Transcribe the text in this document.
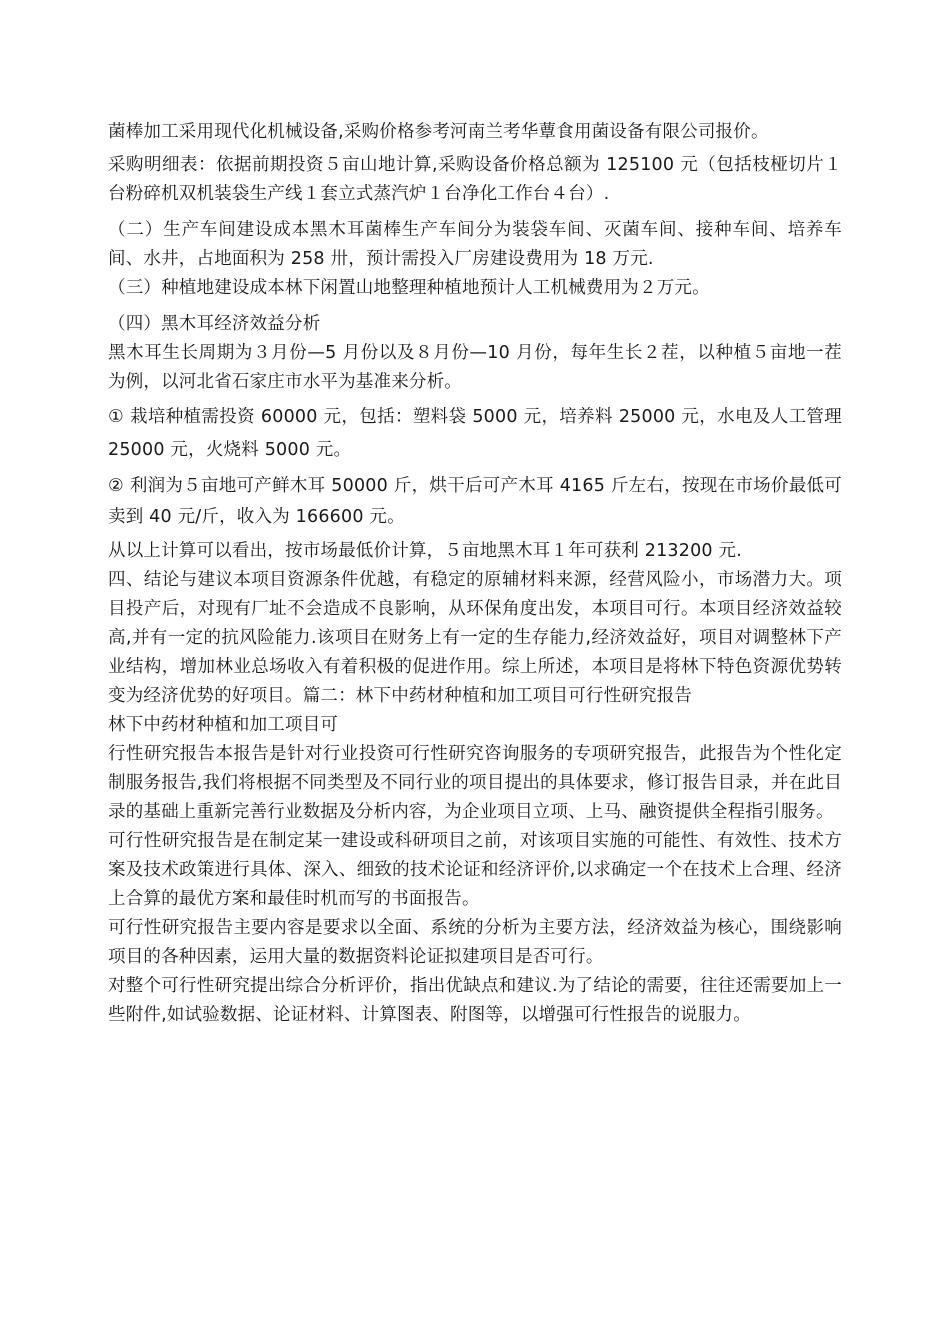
菌棒加工采用现代化机械设备,采购价格参考河南兰考华蕈食用菌设备有限公司报价。

采购明细表：依据前期投资５亩山地计算,采购设备价格总额为 125100 元（包括枝桠切片１台粉碎机双机装袋生产线１套立式蒸汽炉１台净化工作台４台）.

（二）生产车间建设成本黑木耳菌棒生产车间分为装袋车间、灭菌车间、接种车间、培养车间、水井，占地面积为 258 卅，预计需投入厂房建设费用为 18 万元.

（三）种植地建设成本林下闲置山地整理种植地预计人工机械费用为２万元。

（四）黑木耳经济效益分析

黑木耳生长周期为３月份—5 月份以及８月份—10 月份，每年生长２茬，以种植５亩地一茬为例，以河北省石家庄市水平为基准来分析。

① 栽培种植需投资 60000 元，包括：塑料袋 5000 元，培养料 25000 元，水电及人工管理 25000 元，火烧料 5000 元。

② 利润为５亩地可产鲜木耳 50000 斤，烘干后可产木耳 4165 斤左右，按现在市场价最低可卖到 40 元/斤，收入为 166600 元。

从以上计算可以看出，按市场最低价计算，５亩地黑木耳１年可获利 213200 元.

四、结论与建议本项目资源条件优越，有稳定的原辅材料来源，经营风险小，市场潜力大。项目投产后，对现有厂址不会造成不良影响，从环保角度出发，本项目可行。本项目经济效益较高,并有一定的抗风险能力.该项目在财务上有一定的生存能力,经济效益好，项目对调整林下产业结构，增加林业总场收入有着积极的促进作用。综上所述，本项目是将林下特色资源优势转变为经济优势的好项目。篇二：林下中药材种植和加工项目可行性研究报告

林下中药材种植和加工项目可

行性研究报告本报告是针对行业投资可行性研究咨询服务的专项研究报告，此报告为个性化定制服务报告,我们将根据不同类型及不同行业的项目提出的具体要求，修订报告目录，并在此目录的基础上重新完善行业数据及分析内容，为企业项目立项、上马、融资提供全程指引服务。

可行性研究报告是在制定某一建设或科研项目之前，对该项目实施的可能性、有效性、技术方案及技术政策进行具体、深入、细致的技术论证和经济评价,以求确定一个在技术上合理、经济上合算的最优方案和最佳时机而写的书面报告。

可行性研究报告主要内容是要求以全面、系统的分析为主要方法，经济效益为核心，围绕影响项目的各种因素，运用大量的数据资料论证拟建项目是否可行。

对整个可行性研究提出综合分析评价，指出优缺点和建议.为了结论的需要，往往还需要加上一些附件,如试验数据、论证材料、计算图表、附图等，以增强可行性报告的说服力。
